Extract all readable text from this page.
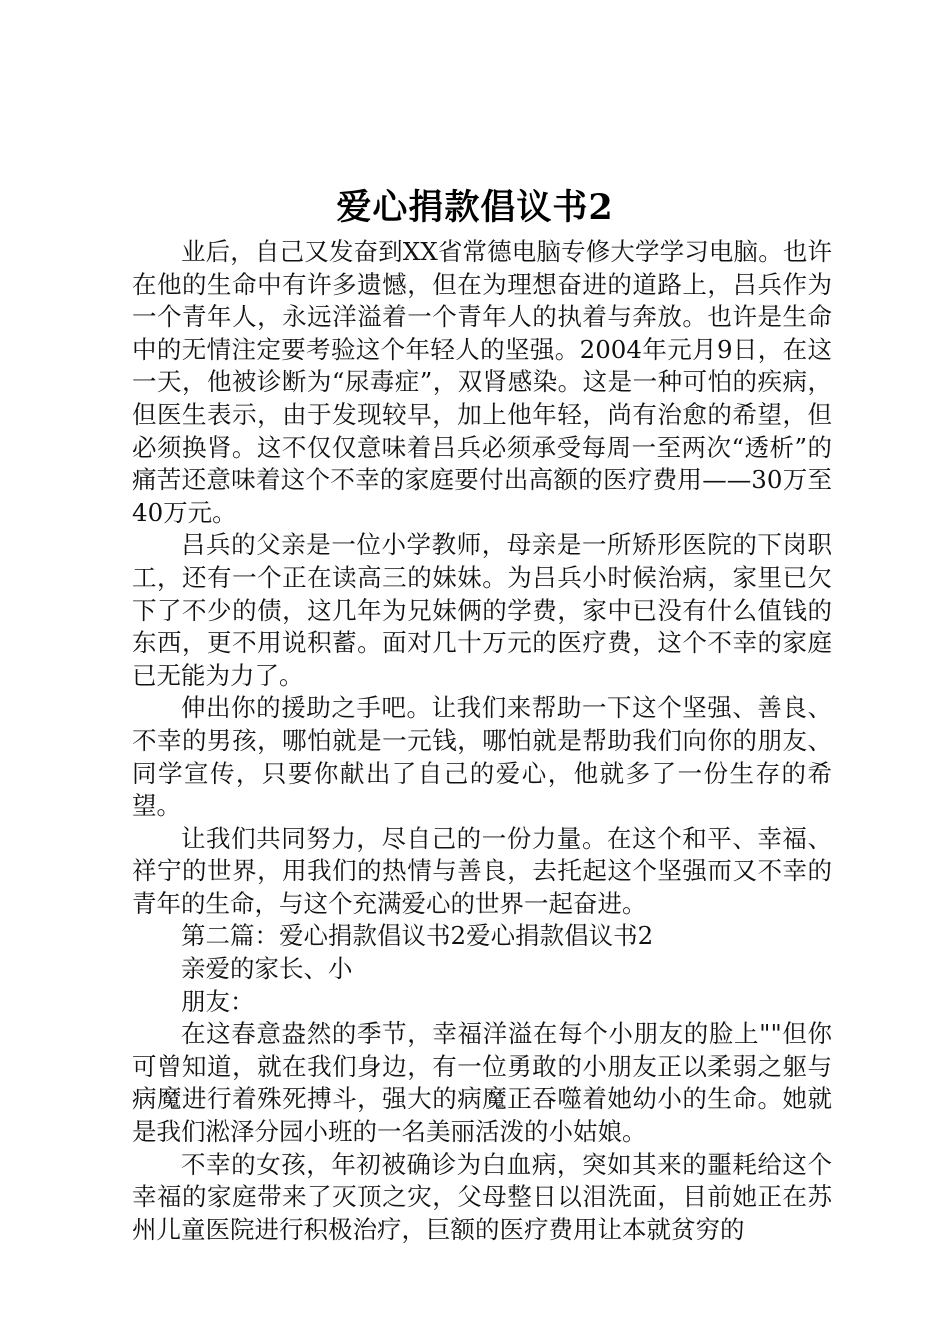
爱心捐款倡议书2

业后，自己又发奋到XX省常德电脑专修大学学习电脑。也许在他的生命中有许多遗憾，但在为理想奋进的道路上，吕兵作为一个青年人，永远洋溢着一个青年人的执着与奔放。也许是生命中的无情注定要考验这个年轻人的坚强。2004年元月9日，在这一天，他被诊断为“尿毒症”，双肾感染。这是一种可怕的疾病，但医生表示，由于发现较早，加上他年轻，尚有治愈的希望，但必须换肾。这不仅仅意味着吕兵必须承受每周一至两次“透析”的痛苦还意味着这个不幸的家庭要付出高额的医疗费用——30万至40万元。

吕兵的父亲是一位小学教师，母亲是一所矫形医院的下岗职工，还有一个正在读高三的妹妹。为吕兵小时候治病，家里已欠下了不少的债，这几年为兄妹俩的学费，家中已没有什么值钱的东西，更不用说积蓄。面对几十万元的医疗费，这个不幸的家庭已无能为力了。

伸出你的援助之手吧。让我们来帮助一下这个坚强、善良、不幸的男孩，哪怕就是一元钱，哪怕就是帮助我们向你的朋友、同学宣传，只要你献出了自己的爱心，他就多了一份生存的希望。

让我们共同努力，尽自己的一份力量。在这个和平、幸福、祥宁的世界，用我们的热情与善良，去托起这个坚强而又不幸的青年的生命，与这个充满爱心的世界一起奋进。

第二篇：爱心捐款倡议书2爱心捐款倡议书2

亲爱的家长、小

朋友：

在这春意盎然的季节，幸福洋溢在每个小朋友的脸上""但你可曾知道，就在我们身边，有一位勇敢的小朋友正以柔弱之躯与病魔进行着殊死搏斗，强大的病魔正吞噬着她幼小的生命。她就是我们淞泽分园小班的一名美丽活泼的小姑娘。

不幸的女孩，年初被确诊为白血病，突如其来的噩耗给这个幸福的家庭带来了灭顶之灾，父母整日以泪洗面，目前她正在苏州儿童医院进行积极治疗，巨额的医疗费用让本就贫穷的
